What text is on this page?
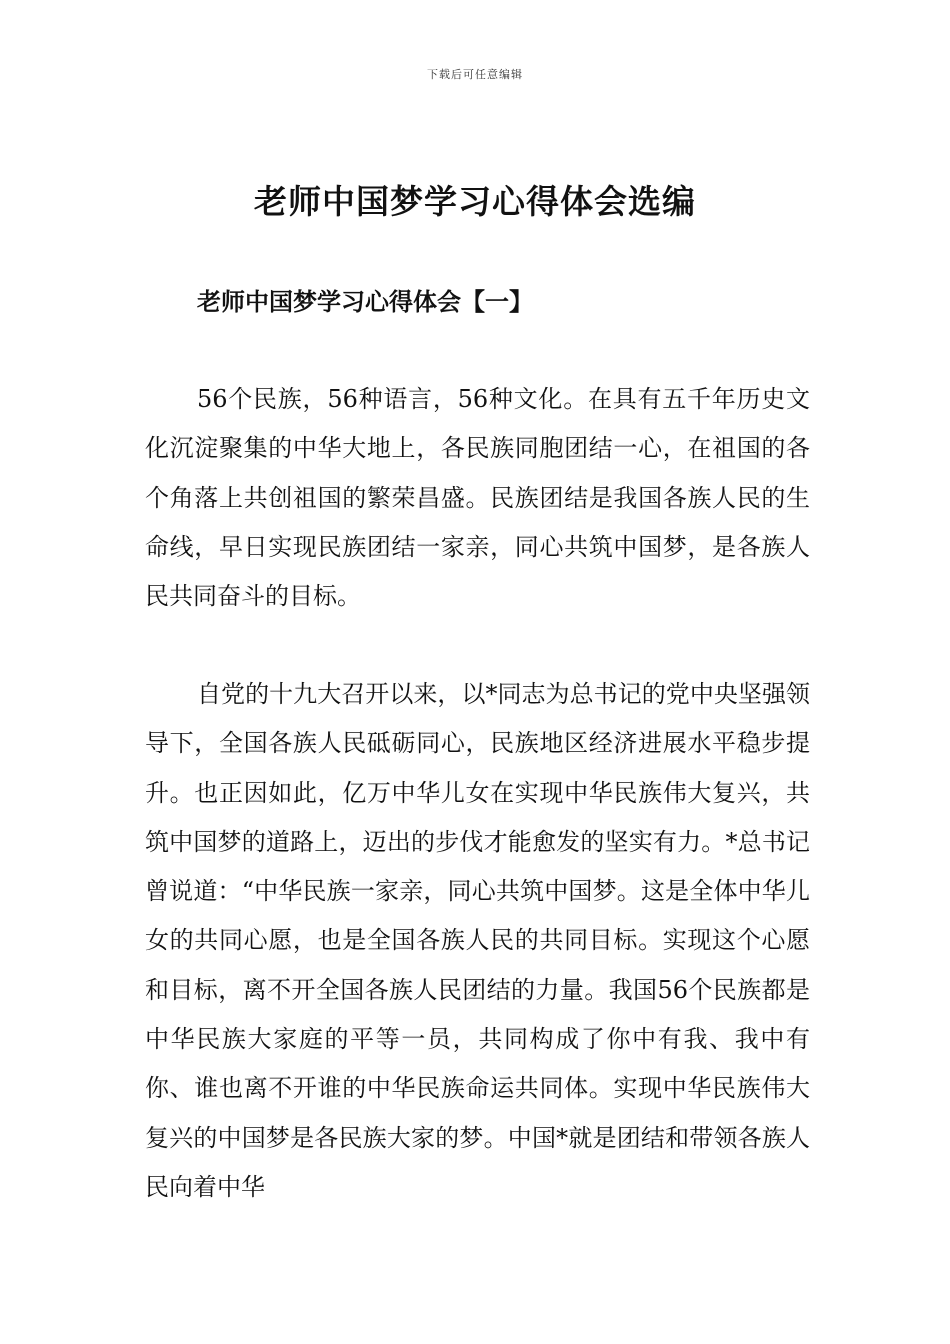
下载后可任意编辑
老师中国梦学习心得体会选编
老师中国梦学习心得体会【一】

56个民族，56种语言，56种文化。在具有五千年历史文化沉淀聚集的中华大地上，各民族同胞团结一心，在祖国的各个角落上共创祖国的繁荣昌盛。民族团结是我国各族人民的生命线，早日实现民族团结一家亲，同心共筑中国梦，是各族人民共同奋斗的目标。

自党的十九大召开以来，以*同志为总书记的党中央坚强领导下，全国各族人民砥砺同心，民族地区经济进展水平稳步提升。也正因如此，亿万中华儿女在实现中华民族伟大复兴，共筑中国梦的道路上，迈出的步伐才能愈发的坚实有力。*总书记曾说道：“中华民族一家亲，同心共筑中国梦。这是全体中华儿女的共同心愿，也是全国各族人民的共同目标。实现这个心愿和目标，离不开全国各族人民团结的力量。我国56个民族都是中华民族大家庭的平等一员，共同构成了你中有我、我中有你、谁也离不开谁的中华民族命运共同体。实现中华民族伟大复兴的中国梦是各民族大家的梦。中国*就是团结和带领各族人民向着中华
